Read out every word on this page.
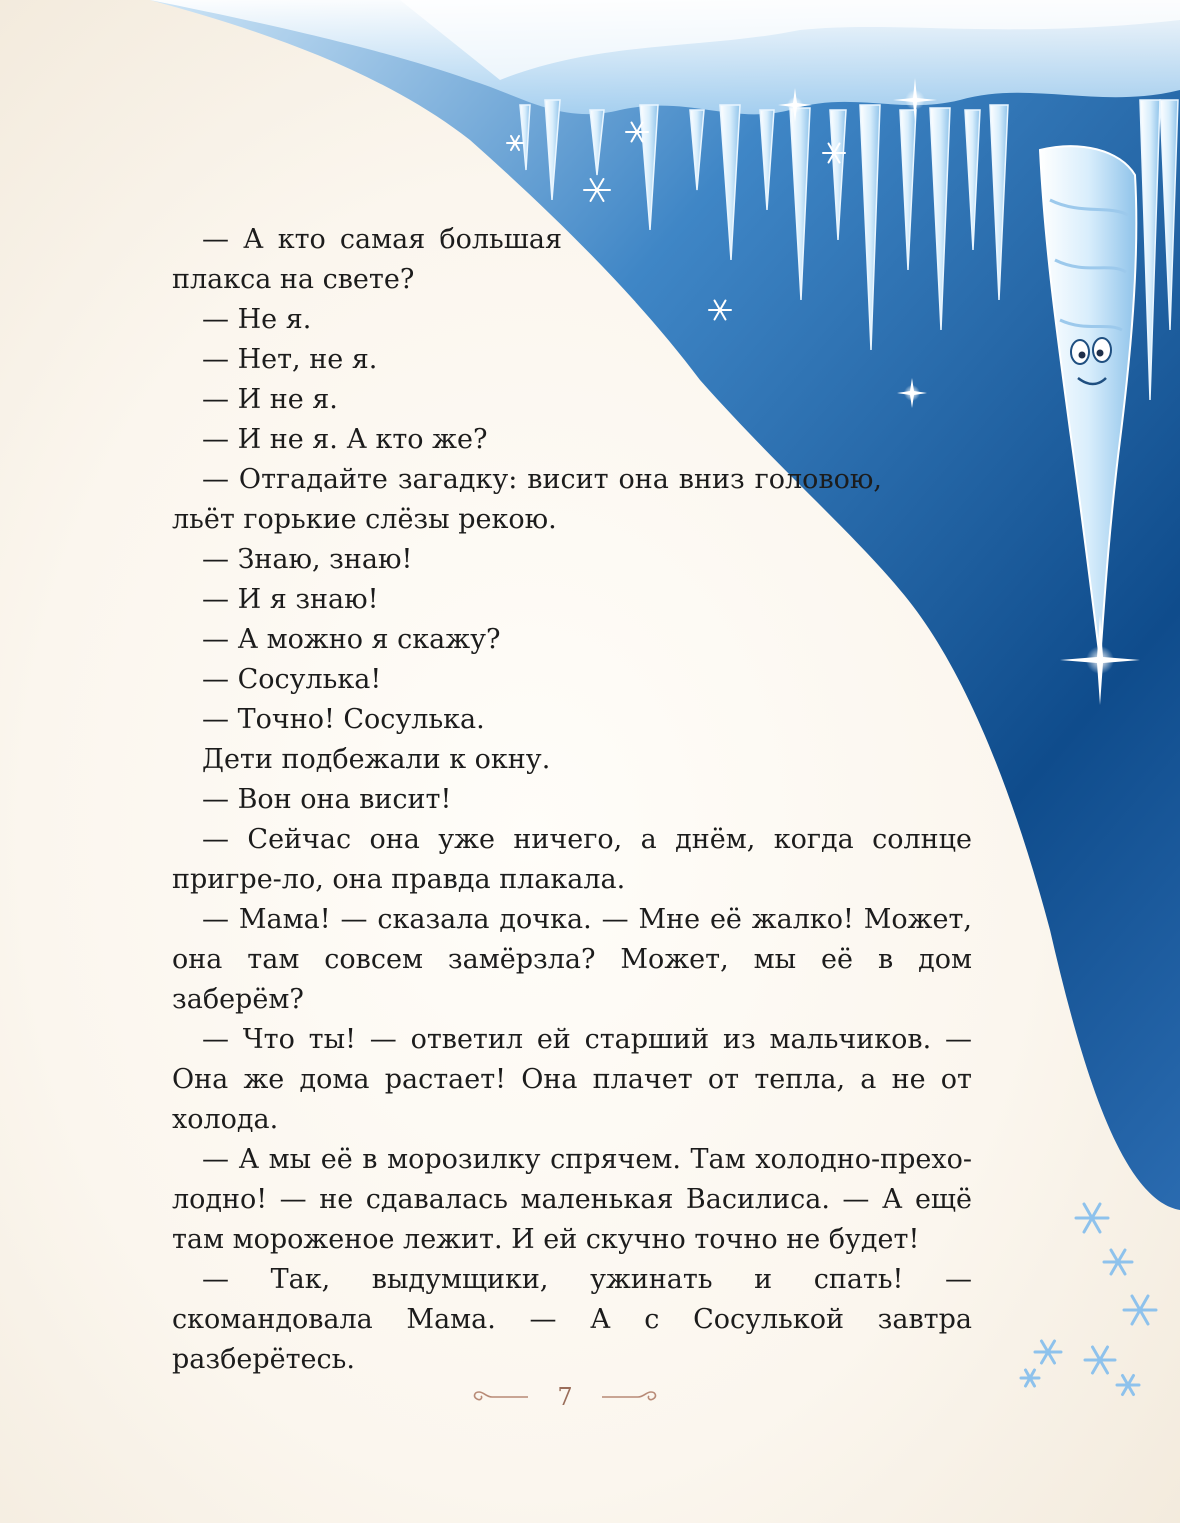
— А кто самая большая плакса на свете?

— Не я.

— Нет, не я.

— И не я.

— И не я. А кто же?

— Отгадайте загадку: висит она вниз головою, льёт горькие слёзы рекою.

— Знаю, знаю!

— И я знаю!

— А можно я скажу?

— Сосулька!

— Точно! Сосулька.

Дети подбежали к окну.

— Вон она висит!

— Сейчас она уже ничего, а днём, когда солнце пригре-ло, она правда плакала.

— Мама! — сказала дочка. — Мне её жалко! Может, она там совсем замёрзла? Может, мы её в дом заберём?

— Что ты! — ответил ей старший из мальчиков. — Она же дома растает! Она плачет от тепла, а не от холода.

— А мы её в морозилку спрячем. Там холодно-прехо-лодно! — не сдавалась маленькая Василиса. — А ещё там мороженое лежит. И ей скучно точно не будет!

— Так, выдумщики, ужинать и спать! — скомандовала Мама. — А с Сосулькой завтра разберётесь.

7
